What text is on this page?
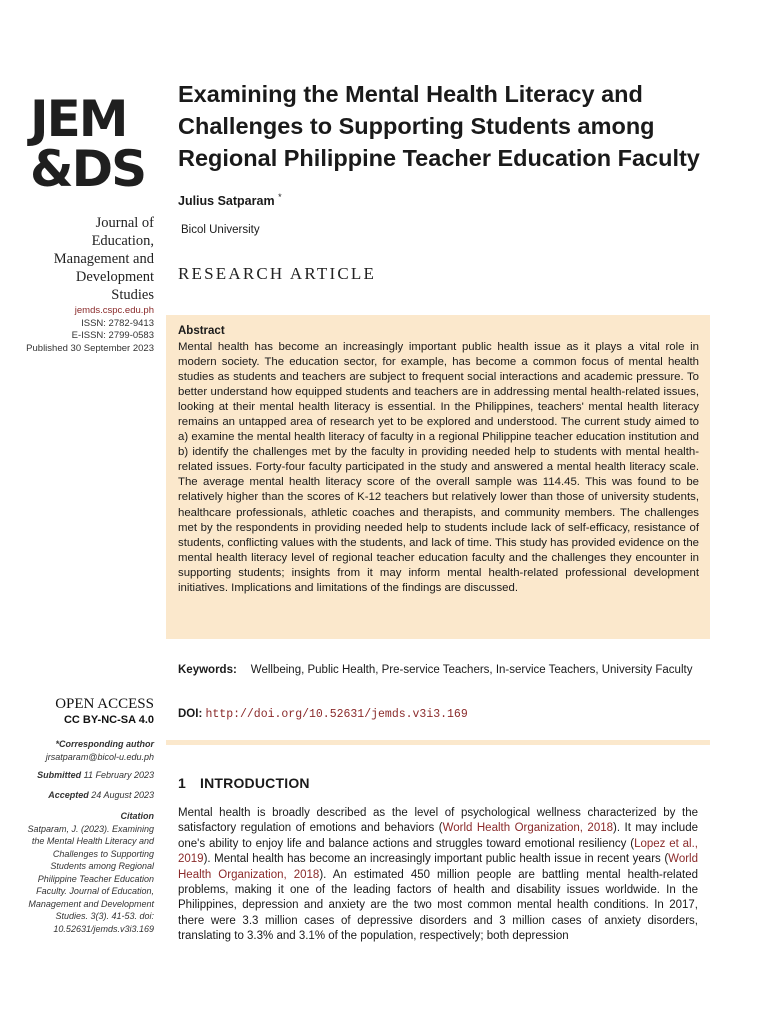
JEM
&DS
Journal of Education, Management and Development Studies
jemds.cspc.edu.ph
ISSN: 2782-9413
E-ISSN: 2799-0583
Published 30 September 2023
OPEN ACCESS
CC BY-NC-SA 4.0
*Corresponding author
jrsatparam@bicol-u.edu.ph
Submitted 11 February 2023
Accepted 24 August 2023
Citation
Satparam, J. (2023). Examining the Mental Health Literacy and Challenges to Supporting Students among Regional Philippine Teacher Education Faculty. Journal of Education, Management and Development Studies. 3(3). 41-53. doi: 10.52631/jemds.v3i3.169
Examining the Mental Health Literacy and Challenges to Supporting Students among Regional Philippine Teacher Education Faculty
Julius Satparam *
Bicol University
RESEARCH ARTICLE
Abstract
Mental health has become an increasingly important public health issue as it plays a vital role in modern society. The education sector, for example, has become a common focus of mental health studies as students and teachers are subject to frequent social interactions and academic pressure. To better understand how equipped students and teachers are in addressing mental health-related issues, looking at their mental health literacy is essential. In the Philippines, teachers' mental health literacy remains an untapped area of research yet to be explored and understood. The current study aimed to a) examine the mental health literacy of faculty in a regional Philippine teacher education institution and b) identify the challenges met by the faculty in providing needed help to students with mental health-related issues. Forty-four faculty participated in the study and answered a mental health literacy scale. The average mental health literacy score of the overall sample was 114.45. This was found to be relatively higher than the scores of K-12 teachers but relatively lower than those of university students, healthcare professionals, athletic coaches and therapists, and community members. The challenges met by the respondents in providing needed help to students include lack of self-efficacy, resistance of students, conflicting values with the students, and lack of time. This study has provided evidence on the mental health literacy level of regional teacher education faculty and the challenges they encounter in supporting students; insights from it may inform mental health-related professional development initiatives. Implications and limitations of the findings are discussed.
Keywords: Wellbeing, Public Health, Pre-service Teachers, In-service Teachers, University Faculty
DOI: http://doi.org/10.52631/jemds.v3i3.169
1 INTRODUCTION
Mental health is broadly described as the level of psychological wellness characterized by the satisfactory regulation of emotions and behaviors (World Health Organization, 2018). It may include one's ability to enjoy life and balance actions and struggles toward emotional resiliency (Lopez et al., 2019). Mental health has become an increasingly important public health issue in recent years (World Health Organization, 2018). An estimated 450 million people are battling mental health-related problems, making it one of the leading factors of health and disability issues worldwide. In the Philippines, depression and anxiety are the two most common mental health conditions. In 2017, there were 3.3 million cases of depressive disorders and 3 million cases of anxiety disorders, translating to 3.3% and 3.1% of the population, respectively; both depression
